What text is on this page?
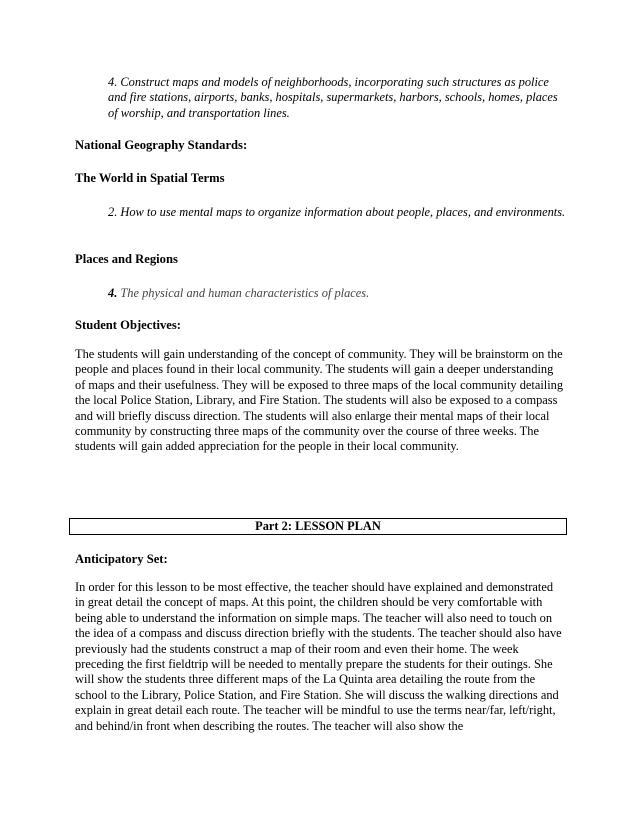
4. Construct maps and models of neighborhoods, incorporating such structures as police and fire stations, airports, banks, hospitals, supermarkets, harbors, schools, homes, places of worship, and transportation lines.

National Geography Standards:

The World in Spatial Terms

2. How to use mental maps to organize information about people, places, and environments.

Places and Regions

4. The physical and human characteristics of places.

Student Objectives:

The students will gain understanding of the concept of community. They will be brainstorm on the people and places found in their local community. The students will gain a deeper understanding of maps and their usefulness. They will be exposed to three maps of the local community detailing the local Police Station, Library, and Fire Station. The students will also be exposed to a compass and will briefly discuss direction. The students will also enlarge their mental maps of their local community by constructing three maps of the community over the course of three weeks. The students will gain added appreciation for the people in their local community.

Part 2: LESSON PLAN

Anticipatory Set:

In order for this lesson to be most effective, the teacher should have explained and demonstrated in great detail the concept of maps. At this point, the children should be very comfortable with being able to understand the information on simple maps. The teacher will also need to touch on the idea of a compass and discuss direction briefly with the students. The teacher should also have previously had the students construct a map of their room and even their home. The week preceding the first fieldtrip will be needed to mentally prepare the students for their outings. She will show the students three different maps of the La Quinta area detailing the route from the school to the Library, Police Station, and Fire Station. She will discuss the walking directions and explain in great detail each route. The teacher will be mindful to use the terms near/far, left/right, and behind/in front when describing the routes. The teacher will also show the
